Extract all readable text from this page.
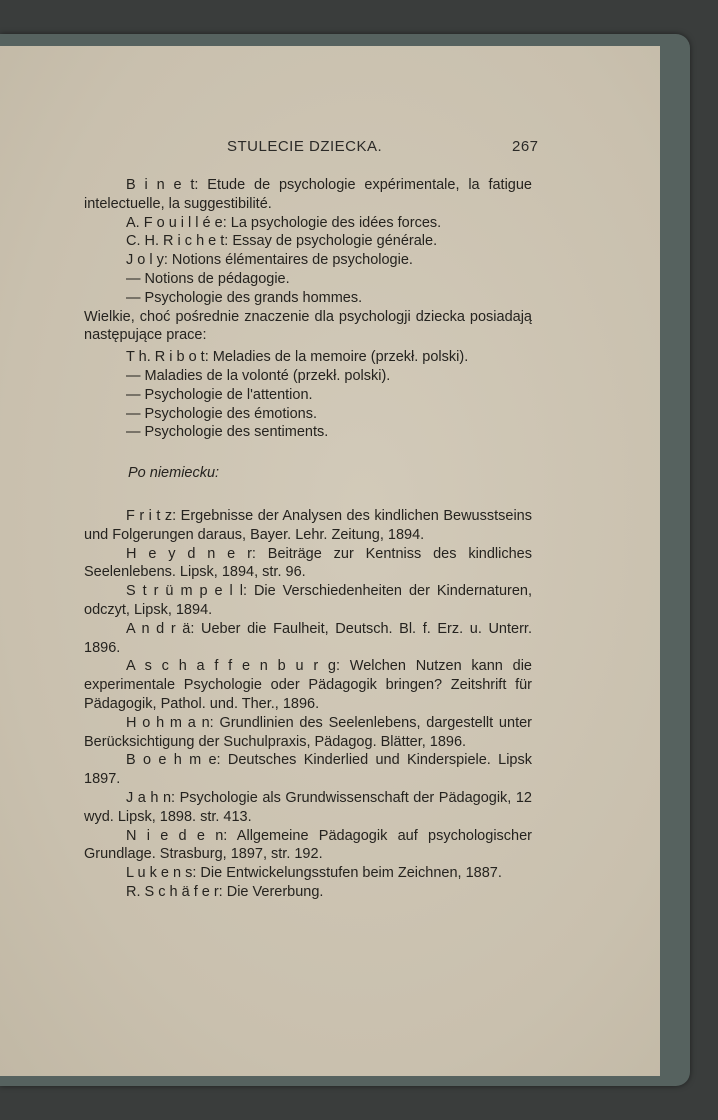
STULECIE DZIECKA.	267

B i n e t: Etude de psychologie expérimentale, la fatigue intelectuelle, la suggestibilité.

A. F o u i l l é e: La psychologie des idées forces.

C. H. R i c h e t: Essay de psychologie générale.

J o l y: Notions élémentaires de psychologie.

— Notions de pédagogie.

— Psychologie des grands hommes.

Wielkie, choć pośrednie znaczenie dla psychologji dziecka posiadają następujące prace:

T h. R i b o t: Meladies de la memoire (przekł. polski).

— Maladies de la volonté (przekł. polski).

— Psychologie de l'attention.

— Psychologie des émotions.

— Psychologie des sentiments.

Po niemiecku:

F r i t z: Ergebnisse der Analysen des kindlichen Bewusstseins und Folgerungen daraus, Bayer. Lehr. Zeitung, 1894.

H e y d n e r: Beiträge zur Kentniss des kindliches Seelenlebens. Lipsk, 1894, str. 96.

S t r ü m p e l l: Die Verschiedenheiten der Kindernaturen, odczyt, Lipsk, 1894.

A n d r ä: Ueber die Faulheit, Deutsch. Bl. f. Erz. u. Unterr. 1896.

A s c h a f f e n b u r g: Welchen Nutzen kann die experimentale Psychologie oder Pädagogik bringen? Zeitshrift für Pädagogik, Pathol. und. Ther., 1896.

H o h m a n: Grundlinien des Seelenlebens, dargestellt unter Berücksichtigung der Suchulpraxis, Pädagog. Blätter, 1896.

B o e h m e: Deutsches Kinderlied und Kinderspiele. Lipsk 1897.

J a h n: Psychologie als Grundwissenschaft der Pädagogik, 12 wyd. Lipsk, 1898. str. 413.

N i e d e n: Allgemeine Pädagogik auf psychologischer Grundlage. Strasburg, 1897, str. 192.

L u k e n s: Die Entwickelungsstufen beim Zeichnen, 1887.

R. S c h ä f e r: Die Vererbung.
